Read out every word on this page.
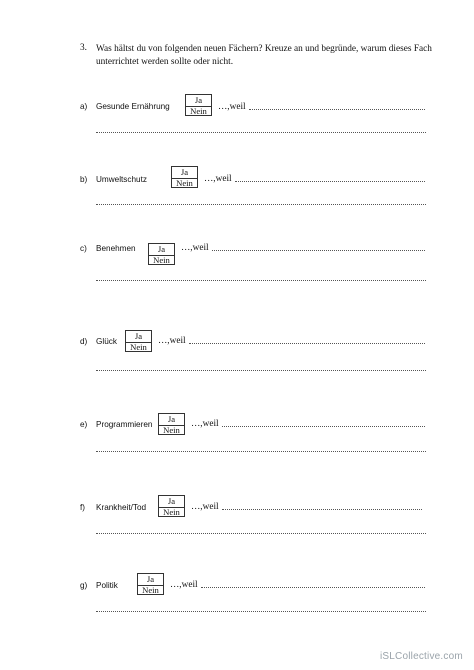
3. Was hältst du von folgenden neuen Fächern? Kreuze an und begründe, warum dieses Fach unterrichtet werden sollte oder nicht.
a) Gesunde Ernährung
Ja
Nein	…,weil
b) Umweltschutz
Ja
Nein	…,weil
c) Benehmen	Ja
Nein
…,weil
d) Glück
Ja
Nein
…,weil
e) Programmieren
Ja
Nein
…,weil
f) Krankheit/Tod
Ja
Nein	…,weil
g) Politik
Ja
Nein	…,weil
iSLCollective.com
